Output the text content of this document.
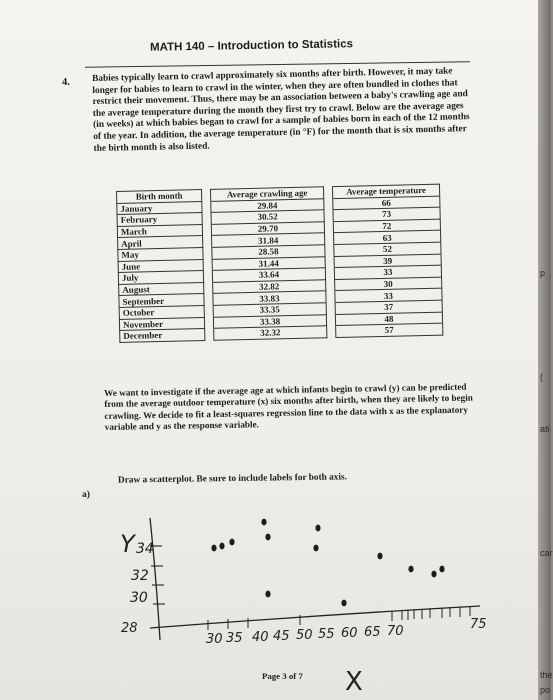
MATH 140 – Introduction to Statistics
4. Babies typically learn to crawl approximately six months after birth. However, it may take longer for babies to learn to crawl in the winter, when they are often bundled in clothes that restrict their movement. Thus, there may be an association between a baby's crawling age and the average temperature during the month they first try to crawl. Below are the average ages (in weeks) at which babies began to crawl for a sample of babies born in each of the 12 months of the year. In addition, the average temperature (in °F) for the month that is six months after the birth month is also listed.
Birth month		Average crawling age		Average temperature
January		29.84		66
February		30.52		73
March		29.70		72
April		31.84		63
May		28.58		52
June		31.44		39
July		33.64		33
August		32.82		30
September		33.83		33
October		33.35		37
November		33.38		48
December		32.32		57
We want to investigate if the average age at which infants begin to crawl (y) can be predicted from the average outdoor temperature (x) six months after birth, when they are likely to begin crawling. We decide to fit a least-squares regression line to the data with x as the explanatory variable and y as the response variable.
Draw a scatterplot. Be sure to include labels for both axis.
a)
Y 34
32
30
28
30 35 40 45 50 55 60 65 70	75
X
Page 3 of 7
p
(
ati
car
the
po
